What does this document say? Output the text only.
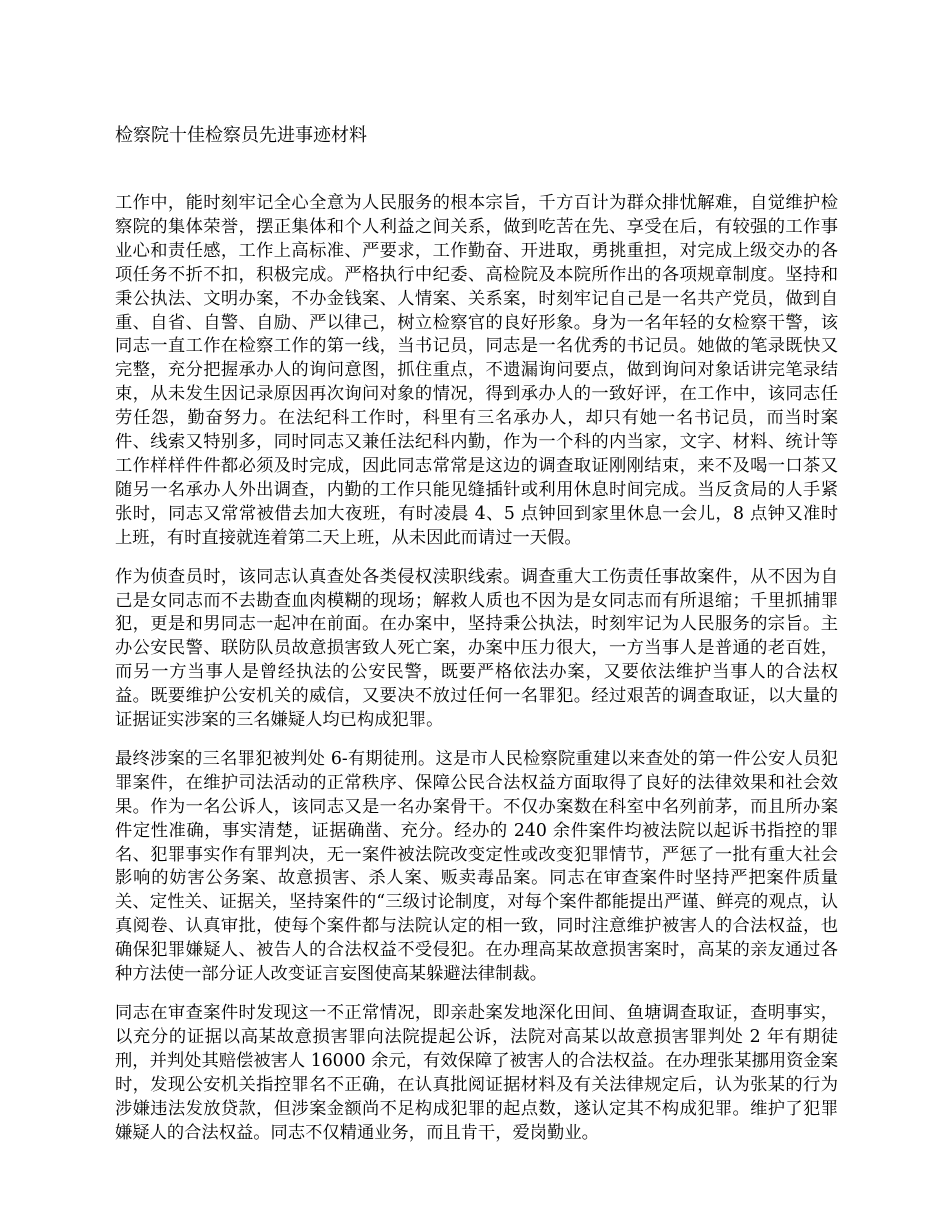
检察院十佳检察员先进事迹材料

工作中，能时刻牢记全心全意为人民服务的根本宗旨，千方百计为群众排忧解难，自觉维护检察院的集体荣誉，摆正集体和个人利益之间关系，做到吃苦在先、享受在后，有较强的工作事业心和责任感，工作上高标准、严要求，工作勤奋、开进取，勇挑重担，对完成上级交办的各项任务不折不扣，积极完成。严格执行中纪委、高检院及本院所作出的各项规章制度。坚持和秉公执法、文明办案，不办金钱案、人情案、关系案，时刻牢记自己是一名共产党员，做到自重、自省、自警、自励、严以律己，树立检察官的良好形象。身为一名年轻的女检察干警，该同志一直工作在检察工作的第一线，当书记员，同志是一名优秀的书记员。她做的笔录既快又完整，充分把握承办人的询问意图，抓住重点，不遗漏询问要点，做到询问对象话讲完笔录结束，从未发生因记录原因再次询问对象的情况，得到承办人的一致好评，在工作中，该同志任劳任怨，勤奋努力。在法纪科工作时，科里有三名承办人，却只有她一名书记员，而当时案件、线索又特别多，同时同志又兼任法纪科内勤，作为一个科的内当家，文字、材料、统计等工作样样件件都必须及时完成，因此同志常常是这边的调查取证刚刚结束，来不及喝一口茶又随另一名承办人外出调查，内勤的工作只能见缝插针或利用休息时间完成。当反贪局的人手紧张时，同志又常常被借去加大夜班，有时凌晨 4、5 点钟回到家里休息一会儿，8 点钟又准时上班，有时直接就连着第二天上班，从未因此而请过一天假。

作为侦查员时，该同志认真查处各类侵权渎职线索。调查重大工伤责任事故案件，从不因为自己是女同志而不去勘查血肉模糊的现场；解救人质也不因为是女同志而有所退缩；千里抓捕罪犯，更是和男同志一起冲在前面。在办案中，坚持秉公执法，时刻牢记为人民服务的宗旨。主办公安民警、联防队员故意损害致人死亡案，办案中压力很大，一方当事人是普通的老百姓，而另一方当事人是曾经执法的公安民警，既要严格依法办案，又要依法维护当事人的合法权益。既要维护公安机关的威信，又要决不放过任何一名罪犯。经过艰苦的调查取证，以大量的证据证实涉案的三名嫌疑人均已构成犯罪。

最终涉案的三名罪犯被判处 6-有期徒刑。这是市人民检察院重建以来查处的第一件公安人员犯罪案件，在维护司法活动的正常秩序、保障公民合法权益方面取得了良好的法律效果和社会效果。作为一名公诉人，该同志又是一名办案骨干。不仅办案数在科室中名列前茅，而且所办案件定性准确，事实清楚，证据确凿、充分。经办的 240 余件案件均被法院以起诉书指控的罪名、犯罪事实作有罪判决，无一案件被法院改变定性或改变犯罪情节，严惩了一批有重大社会影响的妨害公务案、故意损害、杀人案、贩卖毒品案。同志在审查案件时坚持严把案件质量关、定性关、证据关，坚持案件的“三级讨论制度，对每个案件都能提出严谨、鲜亮的观点，认真阅卷、认真审批，使每个案件都与法院认定的相一致，同时注意维护被害人的合法权益，也确保犯罪嫌疑人、被告人的合法权益不受侵犯。在办理高某故意损害案时，高某的亲友通过各种方法使一部分证人改变证言妄图使高某躲避法律制裁。

同志在审查案件时发现这一不正常情况，即亲赴案发地深化田间、鱼塘调查取证，查明事实，以充分的证据以高某故意损害罪向法院提起公诉，法院对高某以故意损害罪判处 2 年有期徒刑，并判处其赔偿被害人 16000 余元，有效保障了被害人的合法权益。在办理张某挪用资金案时，发现公安机关指控罪名不正确，在认真批阅证据材料及有关法律规定后，认为张某的行为涉嫌违法发放贷款，但涉案金额尚不足构成犯罪的起点数，遂认定其不构成犯罪。维护了犯罪嫌疑人的合法权益。同志不仅精通业务，而且肯干，爱岗勤业。
